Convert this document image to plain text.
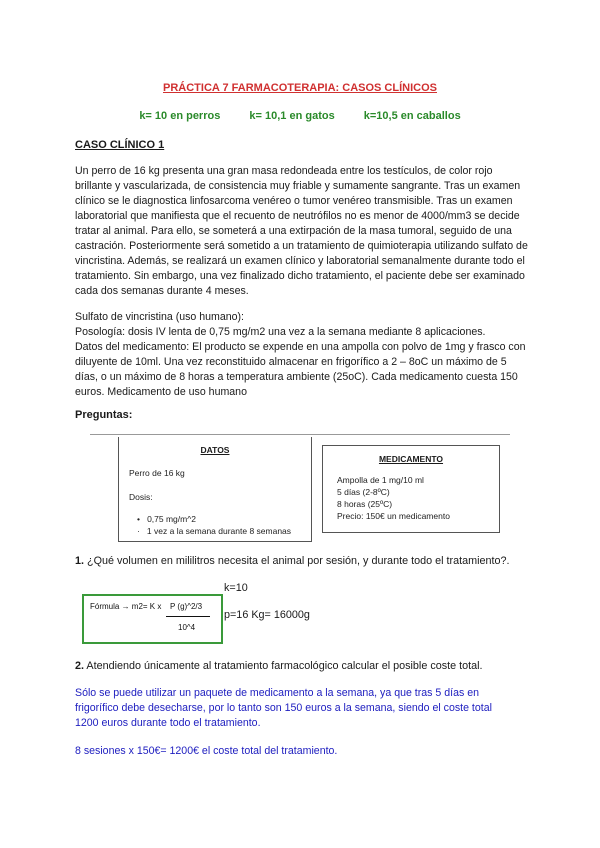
PRÁCTICA 7 FARMACOTERAPIA: CASOS CLÍNICOS
k= 10 en perros	k= 10,1 en gatos	k=10,5 en caballos
CASO CLÍNICO 1

Un perro de 16 kg presenta una gran masa redondeada entre los testículos, de color rojo brillante y vascularizada, de consistencia muy friable y sumamente sangrante. Tras un examen clínico se le diagnostica linfosarcoma venéreo o tumor venéreo transmisible. Tras un examen laboratorial que manifiesta que el recuento de neutrófilos no es menor de 4000/mm3 se decide tratar al animal. Para ello, se someterá a una extirpación de la masa tumoral, seguido de una castración. Posteriormente será sometido a un tratamiento de quimioterapia utilizando sulfato de vincristina. Además, se realizará un examen clínico y laboratorial semanalmente durante todo el tratamiento. Sin embargo, una vez finalizado dicho tratamiento, el paciente debe ser examinado cada dos semanas durante 4 meses.

Sulfato de vincristina (uso humano):

Posología: dosis IV lenta de 0,75 mg/m2 una vez a la semana mediante 8 aplicaciones.

Datos del medicamento: El producto se expende en una ampolla con polvo de 1mg y frasco con diluyente de 10ml. Una vez reconstituido almacenar en frigorífico a 2 – 8oC un máximo de 5 días, o un máximo de 8 horas a temperatura ambiente (25oC). Cada medicamento cuesta 150 euros. Medicamento de uso humano

Preguntas:
DATOS
Perro de 16 kg
Dosis:
•   0,75 mg/m^2
·   1 vez a la semana durante 8 semanas
MEDICAMENTO
Ampolla de 1 mg/10 ml
5 días (2-8ºC)
8 horas (25ºC)
Precio: 150€ un medicamento
1. ¿Qué volumen en mililitros necesita el animal por sesión, y durante todo el tratamiento?.
k=10
Fórmula → m2= K x P (g)^2/3
10^4
p=16 Kg= 16000g
2. Atendiendo únicamente al tratamiento farmacológico calcular el posible coste total.

Sólo se puede utilizar un paquete de medicamento a la semana, ya que tras 5 días en frigorífico debe desecharse, por lo tanto son 150 euros a la semana, siendo el coste total 1200 euros durante todo el tratamiento.

8 sesiones x 150€= 1200€ el coste total del tratamiento.
